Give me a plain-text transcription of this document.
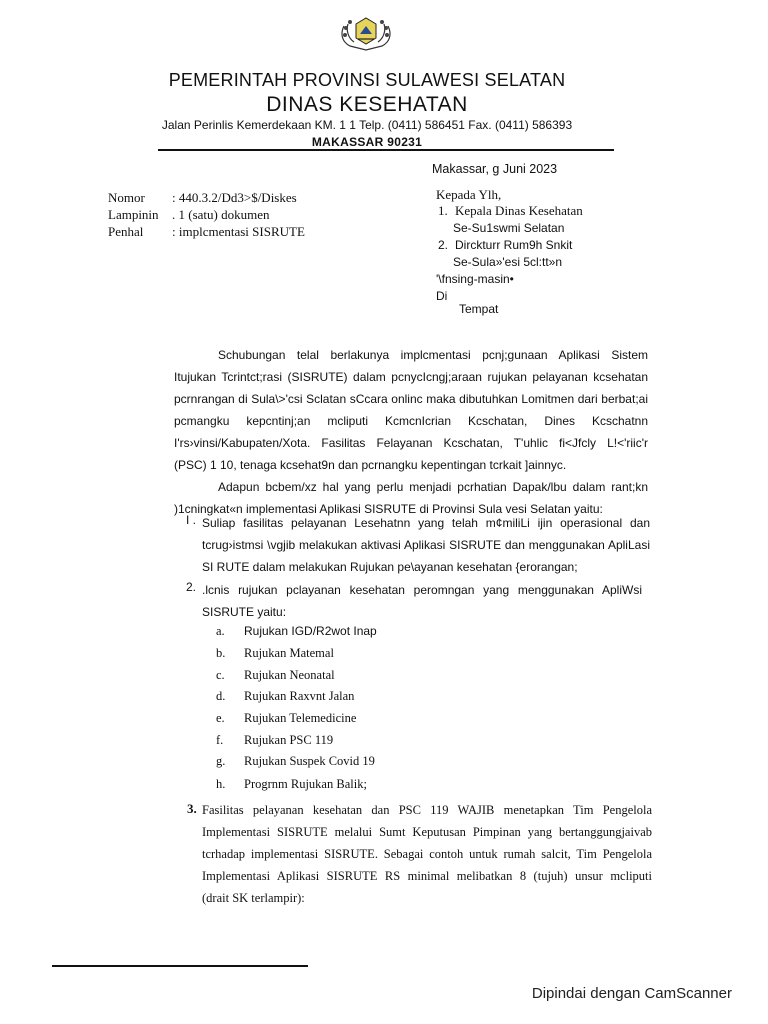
PEMERINTAH PROVINSI SULAWESI SELATAN
DINAS KESEHATAN
Jalan Perinlis Kemerdekaan KM. 1 1 Telp. (0411) 586451 Fax. (0411) 586393
MAKASSAR 90231
Makassar, g Juni 2023
Nomor	: 440.3.2/Dd3>$/Diskes
Lampinin	. 1 (satu) dokumen
Penhal	: implcmentasi SISRUTE
Kepada Ylh,
1. Kepala Dinas Kesehatan
Se-Su1swmi Selatan
2. Dirckturr Rum9h Snkit
Se-Sula»'esi 5cl:tt»n
'\fnsing-masin•
Di
Tempat
Schubungan telal berlakunya implcmentasi pcnj;gunaan Aplikasi Sistem
Itujukan Tcrintct;rasi (SISRUTE) dalam pcnycIcngj;araan rujukan pelayanan kcsehatan
pcrnrangan di Sula\>'csi Sclatan sCcara onlinc maka dibutuhkan Lomitmen dari berbat;ai
pcmangku kepcntinj;an mcliputi KcmcnIcrian Kcschatan, Dines Kcschatnn
I'rs›vinsi/Kabupaten/Xota. Fasilitas Felayanan Kcschatan, T'uhlic fi<Jfcly L!<'riic'r
(PSC) 1 10, tenaga kcsehat9n dan pcrnangku kepentingan tcrkait ]ainnyc.
Adapun bcbem/xz hal yang perlu menjadi pcrhatian Dapak/lbu dalam rant;kn
)1cningkat«n implementasi Aplikasi SISRUTE di Provinsi Sula vesi Selatan yaitu:
I . Suliap fasilitas pelayanan Lesehatnn yang telah m¢miliLi ijin operasional dan
tcrug›istmsi \vgjib melakukan aktivasi Aplikasi SISRUTE dan menggunakan ApliLasi
SI RUTE dalam melakukan Rujukan pe\ayanan kesehatan {erorangan;
2. .lcnis rujukan pclayanan kesehatan peromngan yang menggunakan ApliWsi
SISRUTE yaitu:
a. Rujukan IGD/R2wot Inap
b. Rujukan Matemal
c. Rujukan Neonatal
d. Rujukan Raxvnt Jalan
e. Rujukan Telemedicine
f. Rujukan PSC 119
g. Rujukan Suspek Covid 19
h. Progrnm Rujukan Balik;
3. Fasilitas pelayanan kesehatan dan PSC 119 WAJIB menetapkan Tim Pengelola
Implementasi SISRUTE melalui Sumt Keputusan Pimpinan yang bertanggungjaivab
tcrhadap implementasi SISRUTE. Sebagai contoh untuk rumah salcit, Tim Pengelola
Implementasi Aplikasi SISRUTE RS minimal melibatkan 8 (tujuh) unsur mcliputi
(drait SK terlampir):
Dipindai dengan CamScanner
